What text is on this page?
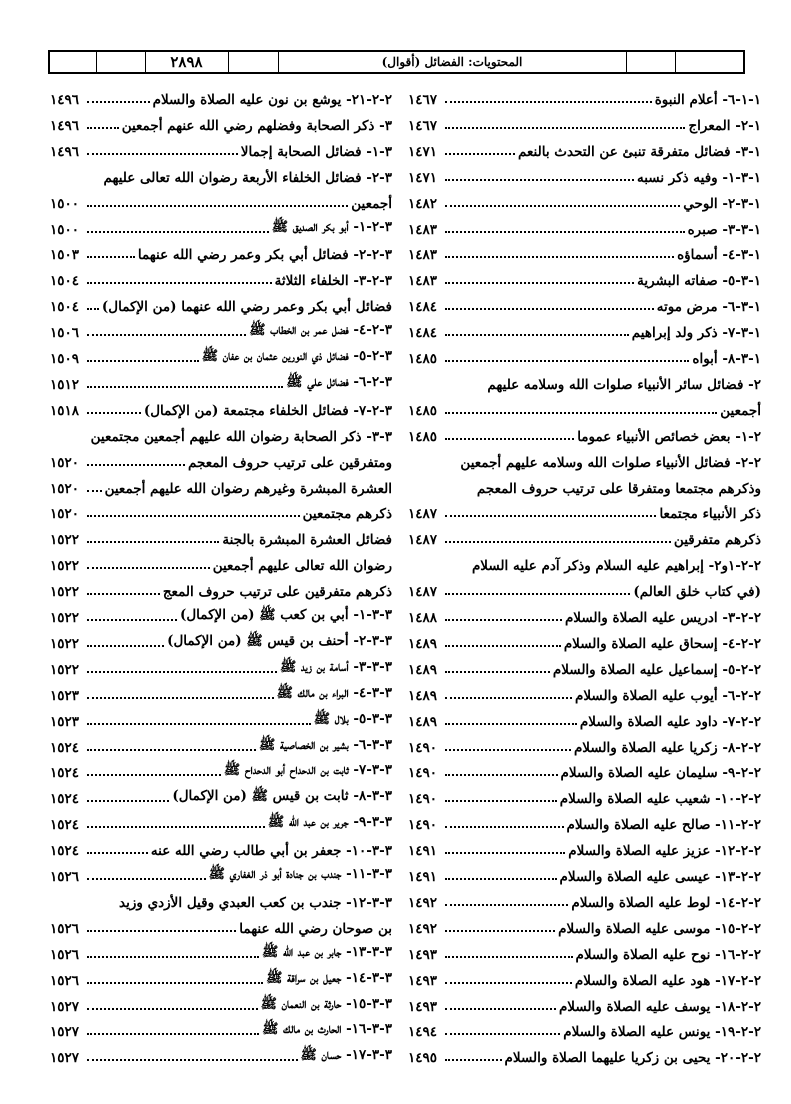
٢٨٩٨	المحتويات: الفضائل (أقوال)
١-١-٦- أعلام النبوة
١٤٦٧
١-٢- المعراج
١٤٦٧
١-٣- فضائل متفرقة تنبئ عن التحدث بالنعم
١٤٧١
١-٣-١- وفيه ذكر نسبه
١٤٧١
١-٣-٢- الوحي
١٤٨٢
١-٣-٣- صبره
١٤٨٣
١-٣-٤- أسماؤه
١٤٨٣
١-٣-٥- صفاته البشرية
١٤٨٣
١-٣-٦- مرض موته
١٤٨٤
١-٣-٧- ذكر ولد إبراهيم
١٤٨٤
١-٣-٨- أبواه
١٤٨٥
٢- فضائل سائر الأنبياء صلوات الله وسلامه عليهم
أجمعين
١٤٨٥
٢-١- بعض خصائص الأنبياء عموما
١٤٨٥
٢-٢- فضائل الأنبياء صلوات الله وسلامه عليهم أجمعين
وذكرهم مجتمعا ومتفرقا على ترتيب حروف المعجم
ذكر الأنبياء مجتمعا
١٤٨٧
ذكرهم متفرقين
١٤٨٧
٢-٢-١و٢- إبراهيم عليه السلام وذكر آدم عليه السلام
(في كتاب خلق العالم)
١٤٨٧
٢-٢-٣- ادريس عليه الصلاة والسلام
١٤٨٨
٢-٢-٤- إسحاق عليه الصلاة والسلام
١٤٨٩
٢-٢-٥- إسماعيل عليه الصلاة والسلام
١٤٨٩
٢-٢-٦- أيوب عليه الصلاة والسلام
١٤٨٩
٢-٢-٧- داود عليه الصلاة والسلام
١٤٨٩
٢-٢-٨- زكريا عليه الصلاة والسلام
١٤٩٠
٢-٢-٩- سليمان عليه الصلاة والسلام
١٤٩٠
٢-٢-١٠- شعيب عليه الصلاة والسلام
١٤٩٠
٢-٢-١١- صالح عليه الصلاة والسلام
١٤٩٠
٢-٢-١٢- عزيز عليه الصلاة والسلام
١٤٩١
٢-٢-١٣- عيسى عليه الصلاة والسلام
١٤٩١
٢-٢-١٤- لوط عليه الصلاة والسلام
١٤٩٢
٢-٢-١٥- موسى عليه الصلاة والسلام
١٤٩٢
٢-٢-١٦- نوح عليه الصلاة والسلام
١٤٩٣
٢-٢-١٧- هود عليه الصلاة والسلام
١٤٩٣
٢-٢-١٨- يوسف عليه الصلاة والسلام
١٤٩٣
٢-٢-١٩- يونس عليه الصلاة والسلام
١٤٩٤
٢-٢-٢٠- يحيى بن زكريا عليهما الصلاة والسلام
١٤٩٥
٢-٢-٢١- يوشع بن نون عليه الصلاة والسلام
١٤٩٦
٣- ذكر الصحابة وفضلهم رضي الله عنهم أجمعين
١٤٩٦
٣-١- فضائل الصحابة إجمالا
١٤٩٦
٣-٢- فضائل الخلفاء الأربعة رضوان الله تعالى عليهم
أجمعين
١٥٠٠
٣-٢-١- أبو بكر الصديق ﷺ
١٥٠٠
٣-٢-٢- فضائل أبي بكر وعمر رضي الله عنهما
١٥٠٣
٣-٢-٣- الخلفاء الثلاثة
١٥٠٤
فضائل أبي بكر وعمر رضي الله عنهما (من الإكمال)
١٥٠٤
٣-٢-٤- فضل عمر بن الخطاب ﷺ
١٥٠٦
٣-٢-٥- فضائل ذي النورين عثمان بن عفان ﷺ
١٥٠٩
٣-٢-٦- فضائل علي ﷺ
١٥١٢
٣-٢-٧- فضائل الخلفاء مجتمعة (من الإكمال)
١٥١٨
٣-٣- ذكر الصحابة رضوان الله عليهم أجمعين مجتمعين
ومتفرقين على ترتيب حروف المعجم
١٥٢٠
العشرة المبشرة وغيرهم رضوان الله عليهم أجمعين
١٥٢٠
ذكرهم مجتمعين
١٥٢٠
فضائل العشرة المبشرة بالجنة
١٥٢٢
رضوان الله تعالى عليهم أجمعين
١٥٢٢
ذكرهم متفرقين على ترتيب حروف المعج
١٥٢٢
٣-٣-١- أبي بن كعب ﷺ (من الإكمال)
١٥٢٢
٣-٣-٢- أحنف بن قيس ﷺ (من الإكمال)
١٥٢٢
٣-٣-٣- أسامة بن زيد ﷺ
١٥٢٢
٣-٣-٤- البراء بن مالك ﷺ
١٥٢٣
٣-٣-٥- بلال ﷺ
١٥٢٣
٣-٣-٦- بشير بن الخصاصية ﷺ
١٥٢٤
٣-٣-٧- ثابت بن الدحداح أبو الدحداح ﷺ
١٥٢٤
٣-٣-٨- ثابت بن قيس ﷺ (من الإكمال)
١٥٢٤
٣-٣-٩- جرير بن عبد الله ﷺ
١٥٢٤
٣-٣-١٠- جعفر بن أبي طالب رضي الله عنه
١٥٢٤
٣-٣-١١- جندب بن جنادة أبو ذر الغفاري ﷺ
١٥٢٦
٣-٣-١٢- جندب بن كعب العبدي وقيل الأزدي وزيد
بن صوحان رضي الله عنهما
١٥٢٦
٣-٣-١٣- جابر بن عبد الله ﷺ
١٥٢٦
٣-٣-١٤- جعيل بن سراقة ﷺ
١٥٢٦
٣-٣-١٥- حارثة بن النعمان ﷺ
١٥٢٧
٣-٣-١٦- الحارث بن مالك ﷺ
١٥٢٧
٣-٣-١٧- حسان ﷺ
١٥٢٧
